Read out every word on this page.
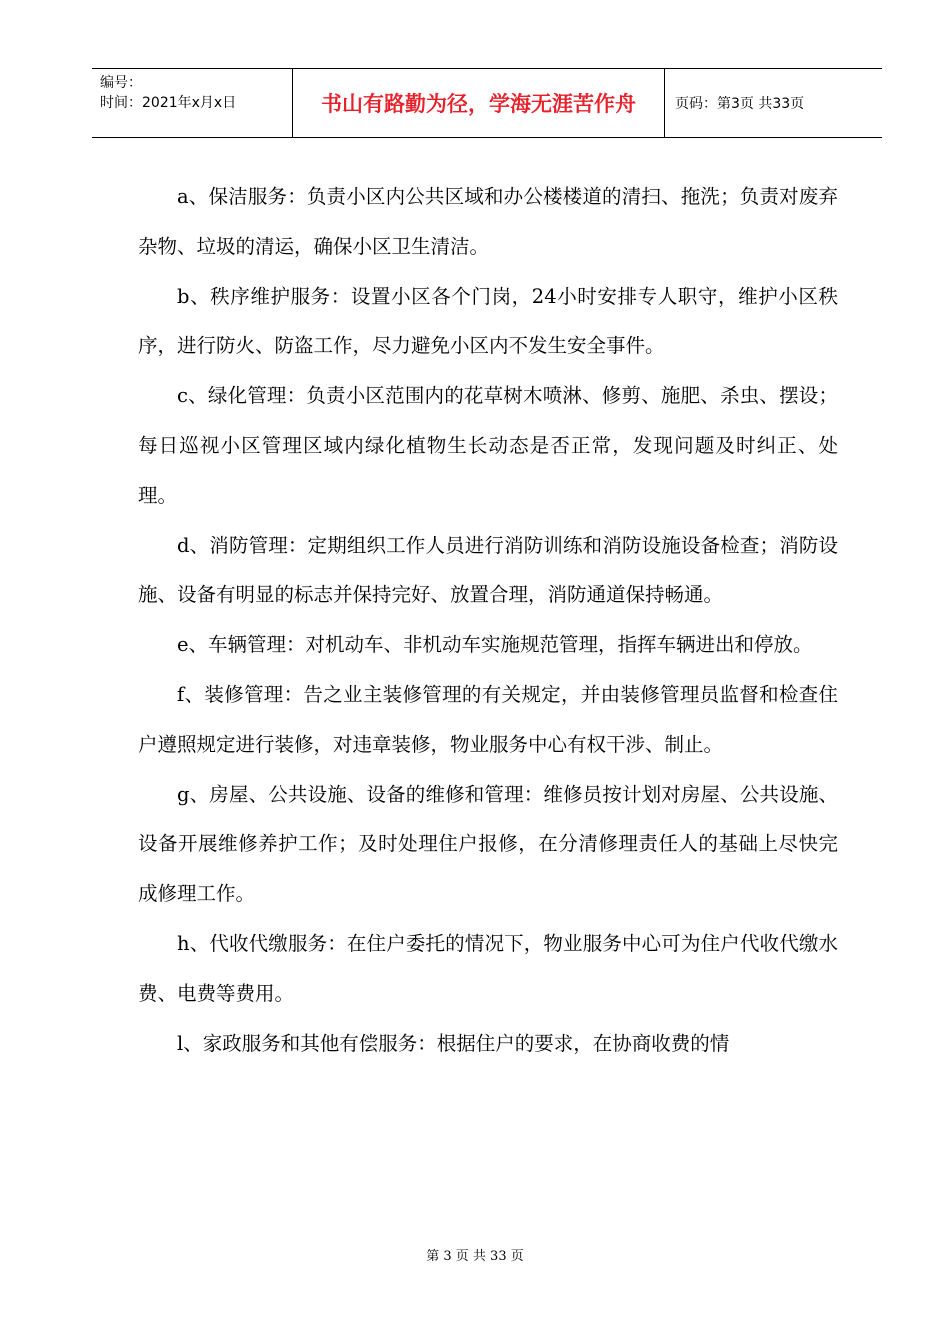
编号：
时间：2021年x月x日	书山有路勤为径，学海无涯苦作舟	页码：第3页 共33页

a、保洁服务：负责小区内公共区域和办公楼楼道的清扫、拖洗；负责对废弃杂物、垃圾的清运，确保小区卫生清洁。

b、秩序维护服务：设置小区各个门岗，24小时安排专人职守，维护小区秩序，进行防火、防盗工作，尽力避免小区内不发生安全事件。

c、绿化管理：负责小区范围内的花草树木喷淋、修剪、施肥、杀虫、摆设；每日巡视小区管理区域内绿化植物生长动态是否正常，发现问题及时纠正、处理。

d、消防管理：定期组织工作人员进行消防训练和消防设施设备检查；消防设施、设备有明显的标志并保持完好、放置合理，消防通道保持畅通。

e、车辆管理：对机动车、非机动车实施规范管理，指挥车辆进出和停放。

f、装修管理：告之业主装修管理的有关规定，并由装修管理员监督和检查住户遵照规定进行装修，对违章装修，物业服务中心有权干涉、制止。

g、房屋、公共设施、设备的维修和管理：维修员按计划对房屋、公共设施、设备开展维修养护工作；及时处理住户报修，在分清修理责任人的基础上尽快完成修理工作。

h、代收代缴服务：在住户委托的情况下，物业服务中心可为住户代收代缴水费、电费等费用。

l、家政服务和其他有偿服务：根据住户的要求，在协商收费的情

第 3 页 共 33 页
